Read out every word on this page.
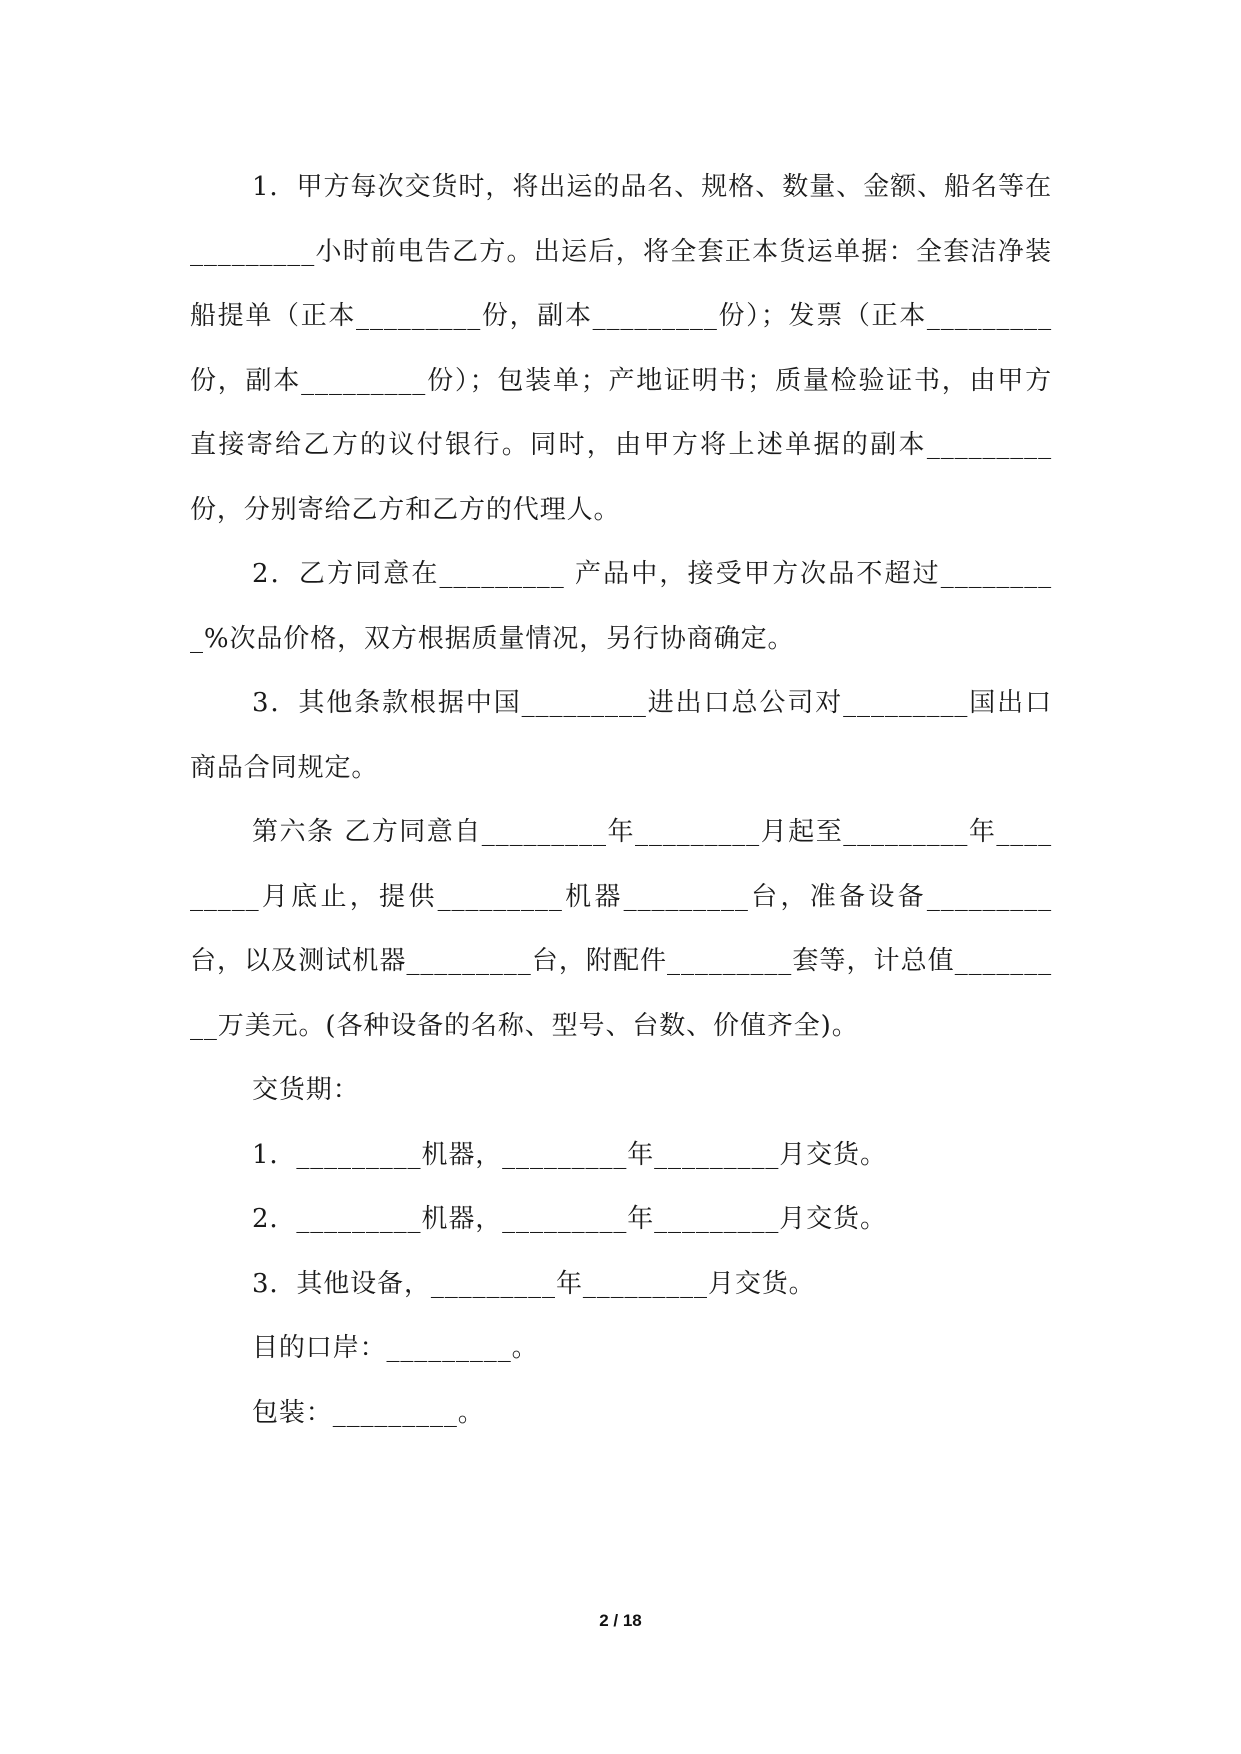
1．甲方每次交货时，将出运的品名、规格、数量、金额、船名等在_________小时前电告乙方。出运后，将全套正本货运单据：全套洁净装船提单（正本_________份，副本_________份）；发票（正本_________份，副本_________份）；包装单；产地证明书；质量检验证书，由甲方直接寄给乙方的议付银行。同时，由甲方将上述单据的副本_________份，分别寄给乙方和乙方的代理人。

2．乙方同意在_________ 产品中，接受甲方次品不超过_________%次品价格，双方根据质量情况，另行协商确定。

3．其他条款根据中国_________进出口总公司对_________国出口商品合同规定。

第六条 乙方同意自_________年_________月起至_________年_________月底止，提供_________机器_________台，准备设备_________台，以及测试机器_________台，附配件_________套等，计总值_________万美元。(各种设备的名称、型号、台数、价值齐全)。

交货期：

1．_________机器，_________年_________月交货。

2．_________机器，_________年_________月交货。

3．其他设备，_________年_________月交货。

目的口岸：_________。

包装：_________。

2 / 18
